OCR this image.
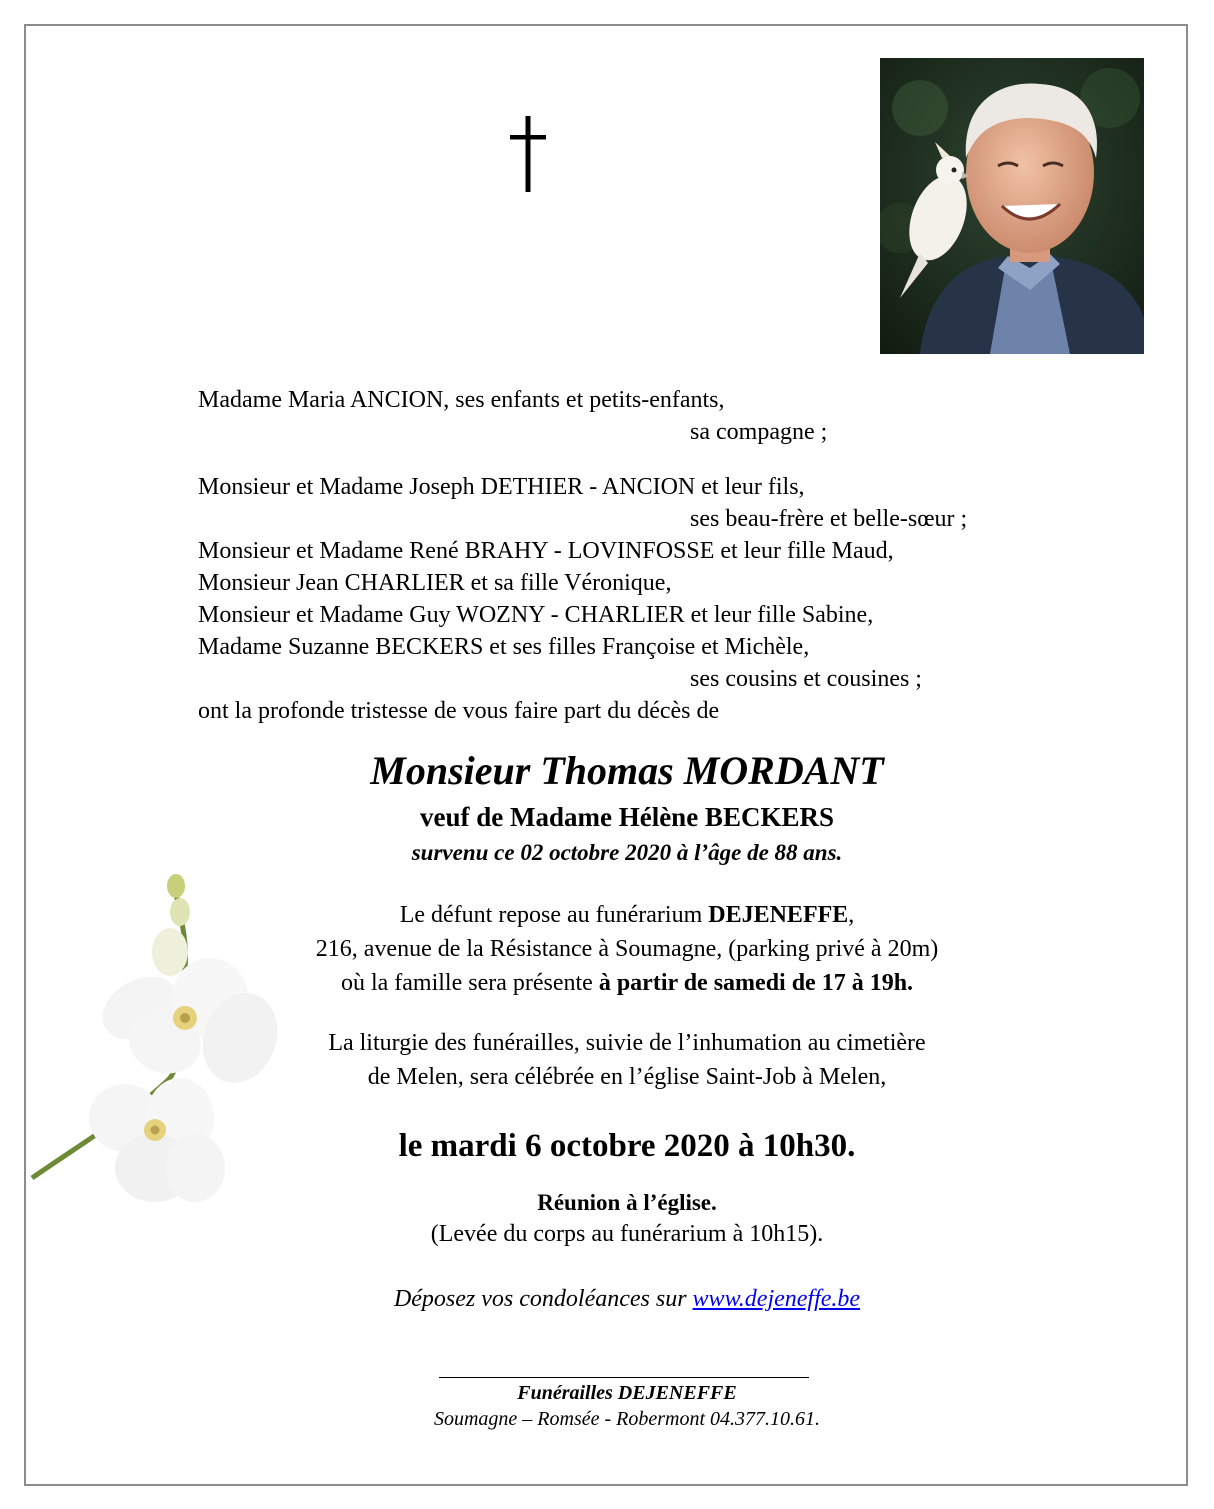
Madame Maria ANCION, ses enfants et petits-enfants,
sa compagne ;
Monsieur et Madame Joseph DETHIER - ANCION et leur fils,
ses beau-frère et belle-sœur ;
Monsieur et Madame René BRAHY - LOVINFOSSE et leur fille Maud,
Monsieur Jean CHARLIER et sa fille Véronique,
Monsieur et Madame Guy WOZNY - CHARLIER et leur fille Sabine,
Madame Suzanne BECKERS et ses filles Françoise et Michèle,
ses cousins et cousines ;
ont la profonde tristesse de vous faire part du décès de
Monsieur Thomas MORDANT
veuf de Madame Hélène BECKERS
survenu ce 02 octobre 2020 à l’âge de 88 ans.
Le défunt repose au funérarium DEJENEFFE,
216, avenue de la Résistance à Soumagne, (parking privé à 20m)
où la famille sera présente à partir de samedi de 17 à 19h.
La liturgie des funérailles, suivie de l’inhumation au cimetière
de Melen, sera célébrée en l’église Saint-Job à Melen,
le mardi 6 octobre 2020 à 10h30.
Réunion à l’église.
(Levée du corps au funérarium à 10h15).
Déposez vos condoléances sur www.dejeneffe.be
Funérailles DEJENEFFE
Soumagne – Romsée - Robermont 04.377.10.61.
